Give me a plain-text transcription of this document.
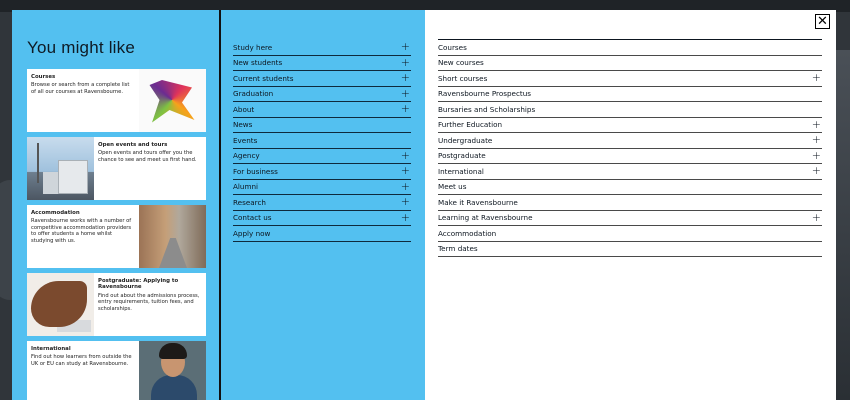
You might like
Courses
Browse or search from a complete list of all our courses at Ravensbourne.
Open events and tours
Open events and tours offer you the chance to see and meet us first hand.
Accommodation
Ravensbourne works with a number of competitive accommodation providers to offer students a home whilst studying with us.
Postgraduate: Applying to Ravensbourne
Find out about the admissions process, entry requirements, tuition fees, and scholarships.
International
Find out how learners from outside the UK or EU can study at Ravensbourne.
Study here	+
New students	+
Current students	+
Graduation	+
About	+
News
Events
Agency	+
For business	+
Alumni	+
Research	+
Contact us	+
Apply now
✕
Courses
New courses
Short courses	+
Ravensbourne Prospectus
Bursaries and Scholarships
Further Education	+
Undergraduate	+
Postgraduate	+
International	+
Meet us
Make it Ravensbourne
Learning at Ravensbourne	+
Accommodation
Term dates
